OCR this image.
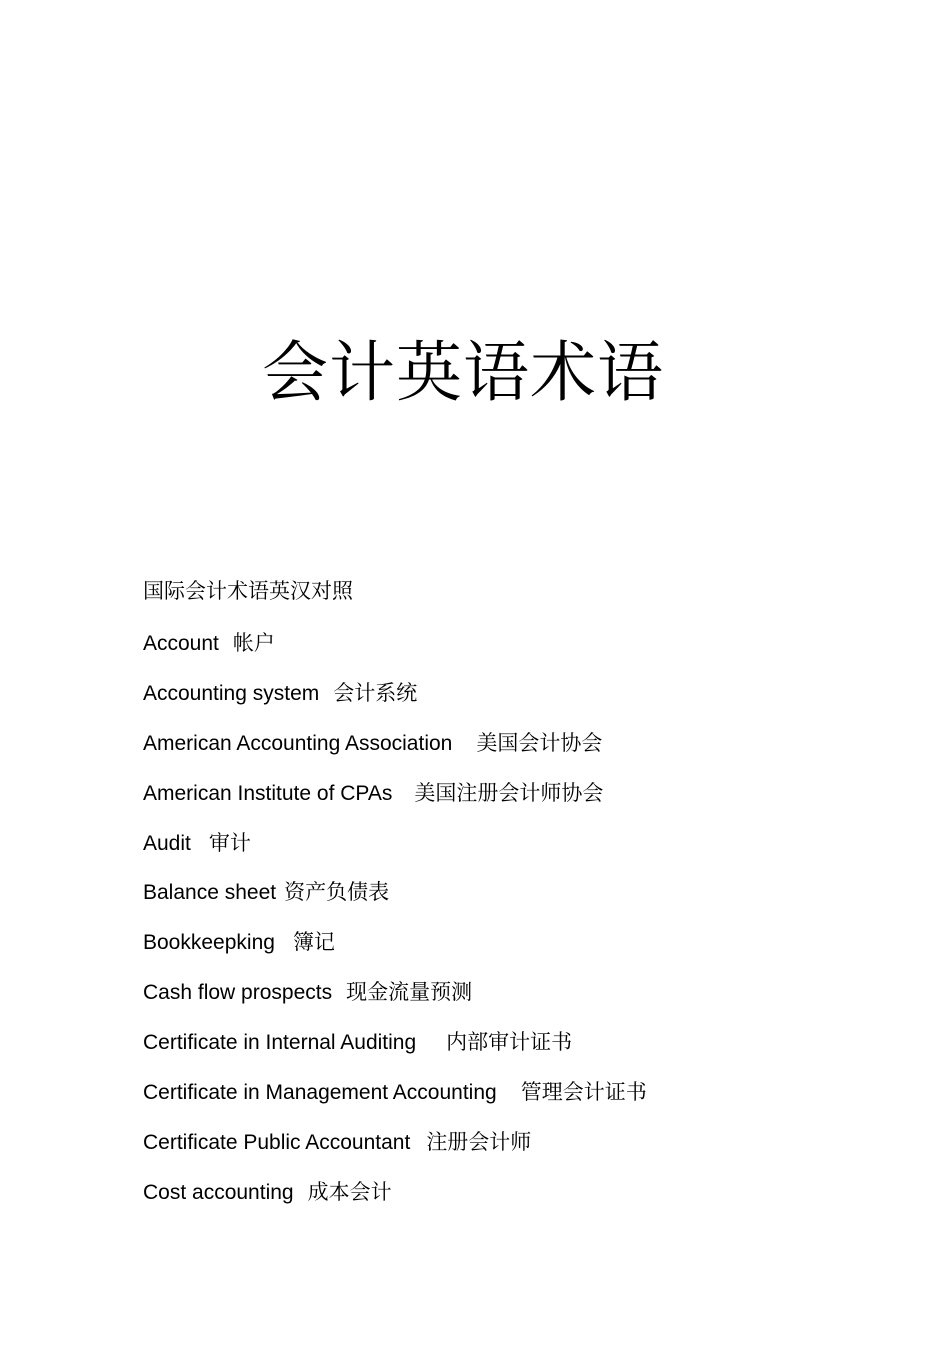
会计英语术语

国际会计术语英汉对照

Account 帐户
Accounting system 会计系统
American Accounting Association 美国会计协会
American Institute of CPAs 美国注册会计师协会
Audit 审计
Balance sheet 资产负债表
Bookkeepking 簿记
Cash flow prospects 现金流量预测
Certificate in Internal Auditing 内部审计证书
Certificate in Management Accounting 管理会计证书
Certificate Public Accountant 注册会计师
Cost accounting 成本会计
